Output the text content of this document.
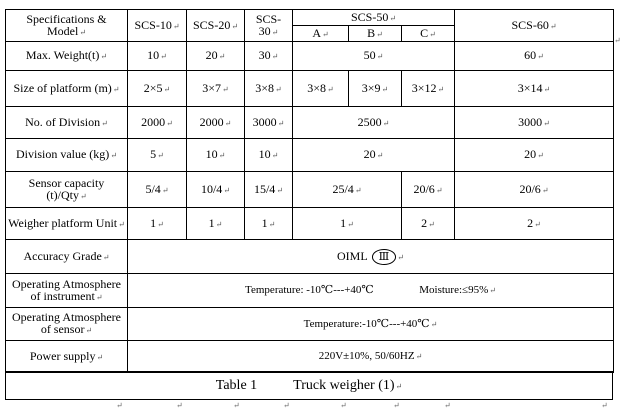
Specifications & Model↵	SCS-10↵	SCS-20↵	SCS-30↵	SCS-50↵			SCS-60↵
				A↵	B↵	C↵	
Max. Weight(t)↵	10↵	20↵	30↵	50↵			60↵
Size of platform (m)↵	2×5↵	3×7↵	3×8↵	3×8↵	3×9↵	3×12↵	3×14↵
No. of Division↵	2000↵	2000↵	3000↵	2500↵			3000↵
Division value (kg)↵	5↵	10↵	10↵	20↵			20↵
Sensor capacity (t)/Qty↵	5/4↵	10/4↵	15/4↵	25/4↵		20/6↵	20/6↵
Weigher platform Unit↵	1↵	1↵	1↵	1↵		2↵	2↵
Accuracy Grade↵	OIML Ⅲ ↵						
Operating Atmosphere
of instrument↵	Temperature: -10℃---+40℃ Moisture:≤95%↵						
Operating Atmosphere
of sensor↵	Temperature:-10℃---+40℃↵						
Power supply↵	220V±10%, 50/60HZ↵						
Table 1	Truck weigher (1)↵
↵
↵	↵	↵	↵	↵	↵	↵	↵
